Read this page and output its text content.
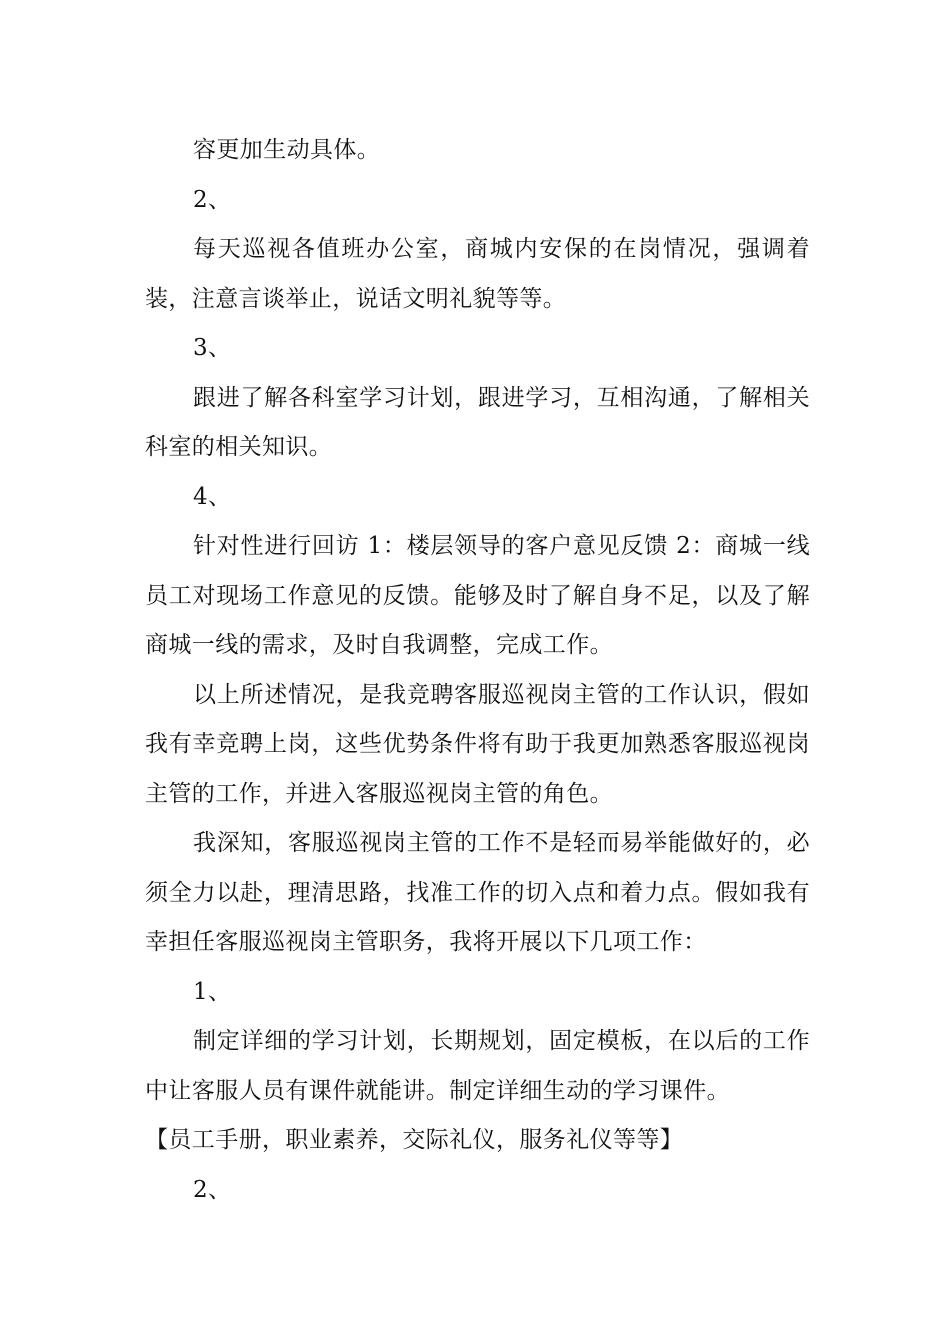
容更加生动具体。

2、

每天巡视各值班办公室，商城内安保的在岗情况，强调着装，注意言谈举止，说话文明礼貌等等。

3、

跟进了解各科室学习计划，跟进学习，互相沟通，了解相关科室的相关知识。

4、

针对性进行回访 1：楼层领导的客户意见反馈 2：商城一线员工对现场工作意见的反馈。能够及时了解自身不足，以及了解商城一线的需求，及时自我调整，完成工作。

以上所述情况，是我竞聘客服巡视岗主管的工作认识，假如我有幸竞聘上岗，这些优势条件将有助于我更加熟悉客服巡视岗主管的工作，并进入客服巡视岗主管的角色。

我深知，客服巡视岗主管的工作不是轻而易举能做好的，必须全力以赴，理清思路，找准工作的切入点和着力点。假如我有幸担任客服巡视岗主管职务，我将开展以下几项工作：

1、

制定详细的学习计划，长期规划，固定模板，在以后的工作中让客服人员有课件就能讲。制定详细生动的学习课件。

【员工手册，职业素养，交际礼仪，服务礼仪等等】

2、
